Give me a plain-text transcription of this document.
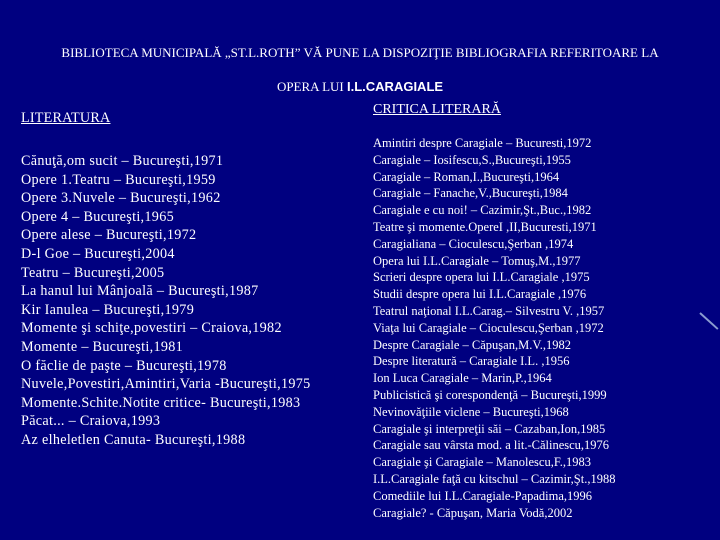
BIBLIOTECA MUNICIPALĂ „ST.L.ROTH” VĂ PUNE LA DISPOZIŢIE BIBLIOGRAFIA REFERITOARE LA
OPERA LUI I.L.CARAGIALE
LITERATURA
Cănuţă,om sucit – Bucureşti,1971
Opere 1.Teatru – Bucureşti,1959
Opere 3.Nuvele – Bucureşti,1962
Opere 4 – Bucureşti,1965
Opere alese – Bucureşti,1972
D-l Goe – Bucureşti,2004
Teatru – Bucureşti,2005
La hanul lui Mânjoală – Bucureşti,1987
Kir Ianulea – Bucureşti,1979
Momente şi schiţe,povestiri – Craiova,1982
Momente – Bucureşti,1981
O făclie de paşte – Bucureşti,1978
Nuvele,Povestiri,Amintiri,Varia -Bucureşti,1975
Momente.Schite.Notite critice- Bucureşti,1983
Păcat... – Craiova,1993
Az elheletlen Canuta- Bucureşti,1988
CRITICA LITERARĂ
Amintiri despre Caragiale – Bucuresti,1972
Caragiale – Iosifescu,S.,Bucureşti,1955
Caragiale – Roman,I.,Bucureşti,1964
Caragiale – Fanache,V.,Bucureşti,1984
Caragiale e cu noi! – Cazimir,Şt.,Buc.,1982
Teatre şi momente.OpereI ,II,Bucuresti,1971
Caragialiana – Cioculescu,Şerban ,1974
Opera lui I.L.Caragiale – Tomuş,M.,1977
Scrieri despre opera lui I.L.Caragiale ,1975
Studii despre opera lui I.L.Caragiale ,1976
Teatrul naţional I.L.Carag.– Silvestru V. ,1957
Viaţa lui Caragiale – Cioculescu,Şerban ,1972
Despre Caragiale – Căpuşan,M.V.,1982
Despre literatură – Caragiale I.L. ,1956
Ion Luca Caragiale – Marin,P.,1964
Publicistică şi corespondenţă – Bucureşti,1999
Nevinovăţiile viclene – Bucureşti,1968
Caragiale şi interpreţii săi – Cazaban,Ion,1985
Caragiale sau vârsta mod. a lit.-Călinescu,1976
Caragiale şi Caragiale – Manolescu,F.,1983
I.L.Caragiale faţă cu kitschul – Cazimir,Şt.,1988
Comediile lui I.L.Caragiale-Papadima,1996
Caragiale? - Căpuşan, Maria Vodă,2002
